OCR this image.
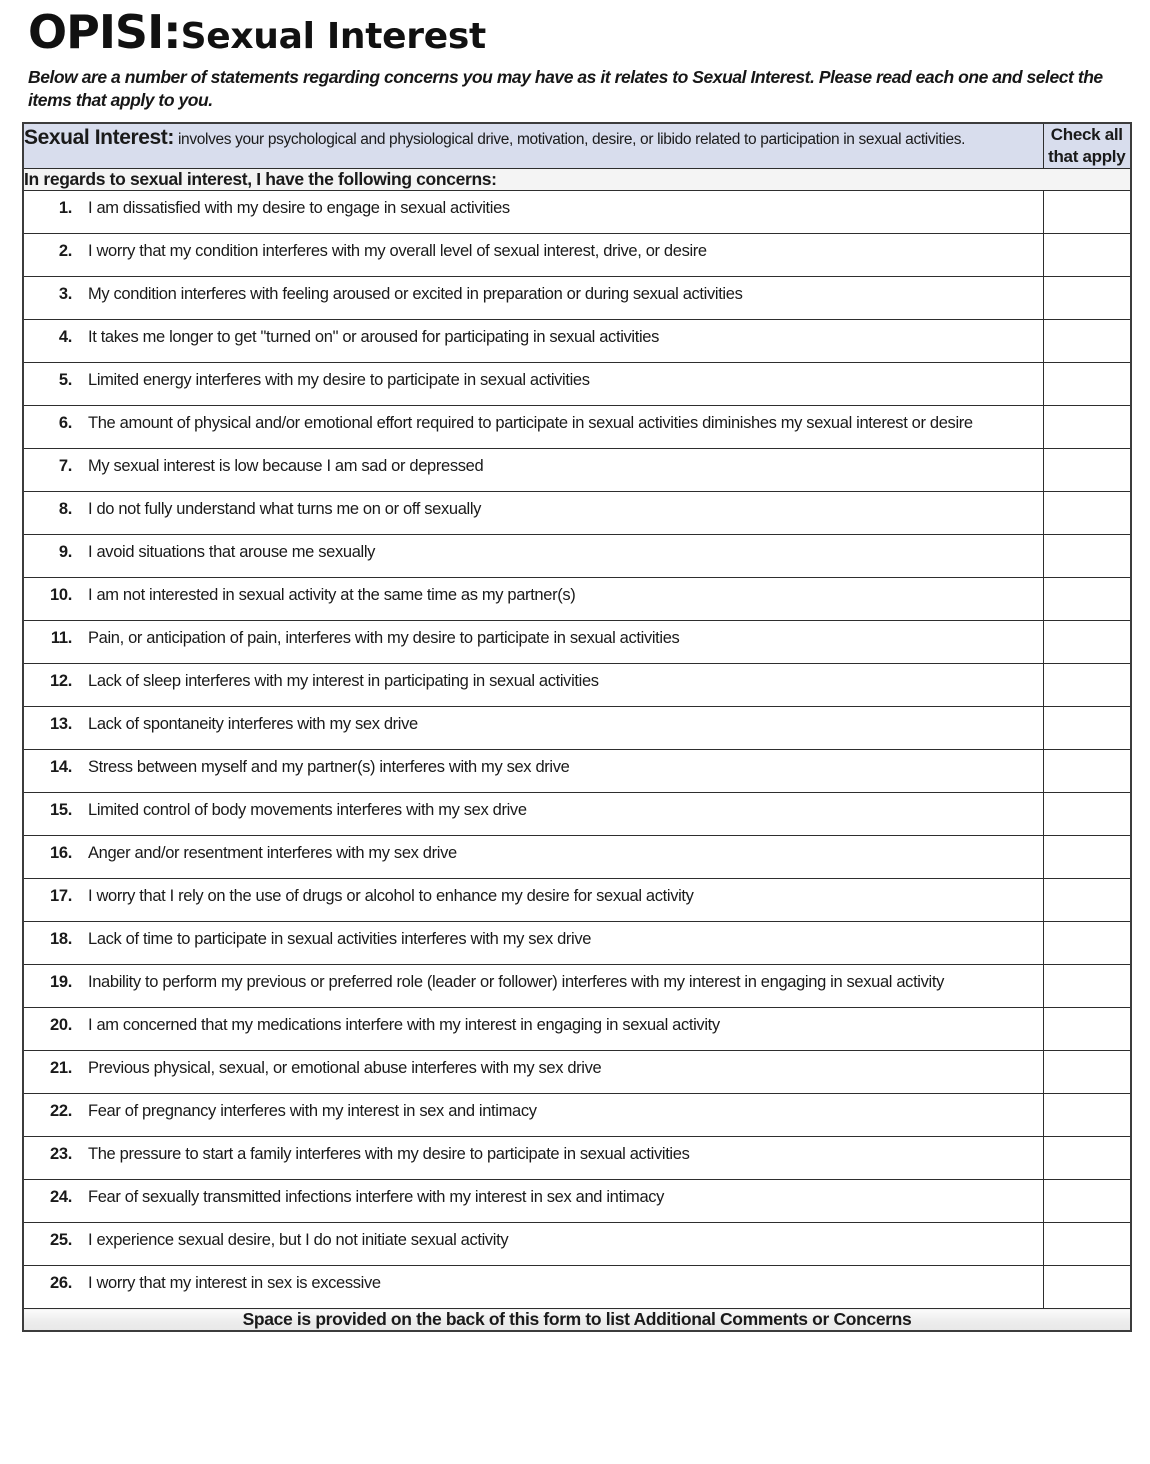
OPISI:Sexual Interest
Below are a number of statements regarding concerns you may have as it relates to Sexual Interest. Please read each one and select the items that apply to you.
Sexual Interest: involves your psychological and physiological drive, motivation, desire, or libido related to participation in sexual activities.	Check all that apply
In regards to sexual interest, I have the following concerns:	

1. I am dissatisfied with my desire to engage in sexual activities	

2. I worry that my condition interferes with my overall level of sexual interest, drive, or desire	

3. My condition interferes with feeling aroused or excited in preparation or during sexual activities	

4. It takes me longer to get "turned on" or aroused for participating in sexual activities	

5. Limited energy interferes with my desire to participate in sexual activities	

6. The amount of physical and/or emotional effort required to participate in sexual activities diminishes my sexual interest or desire	

7. My sexual interest is low because I am sad or depressed	

8. I do not fully understand what turns me on or off sexually	

9. I avoid situations that arouse me sexually	

10. I am not interested in sexual activity at the same time as my partner(s)	

11. Pain, or anticipation of pain, interferes with my desire to participate in sexual activities	

12. Lack of sleep interferes with my interest in participating in sexual activities	

13. Lack of spontaneity interferes with my sex drive	

14. Stress between myself and my partner(s) interferes with my sex drive	

15. Limited control of body movements interferes with my sex drive	

16. Anger and/or resentment interferes with my sex drive	

17. I worry that I rely on the use of drugs or alcohol to enhance my desire for sexual activity	

18. Lack of time to participate in sexual activities interferes with my sex drive	

19. Inability to perform my previous or preferred role (leader or follower) interferes with my interest in engaging in sexual activity	

20. I am concerned that my medications interfere with my interest in engaging in sexual activity	

21. Previous physical, sexual, or emotional abuse interferes with my sex drive	

22. Fear of pregnancy interferes with my interest in sex and intimacy	

23. The pressure to start a family interferes with my desire to participate in sexual activities	

24. Fear of sexually transmitted infections interfere with my interest in sex and intimacy	

25. I experience sexual desire, but I do not initiate sexual activity	

26. I worry that my interest in sex is excessive	

Space is provided on the back of this form to list Additional Comments or Concerns	
